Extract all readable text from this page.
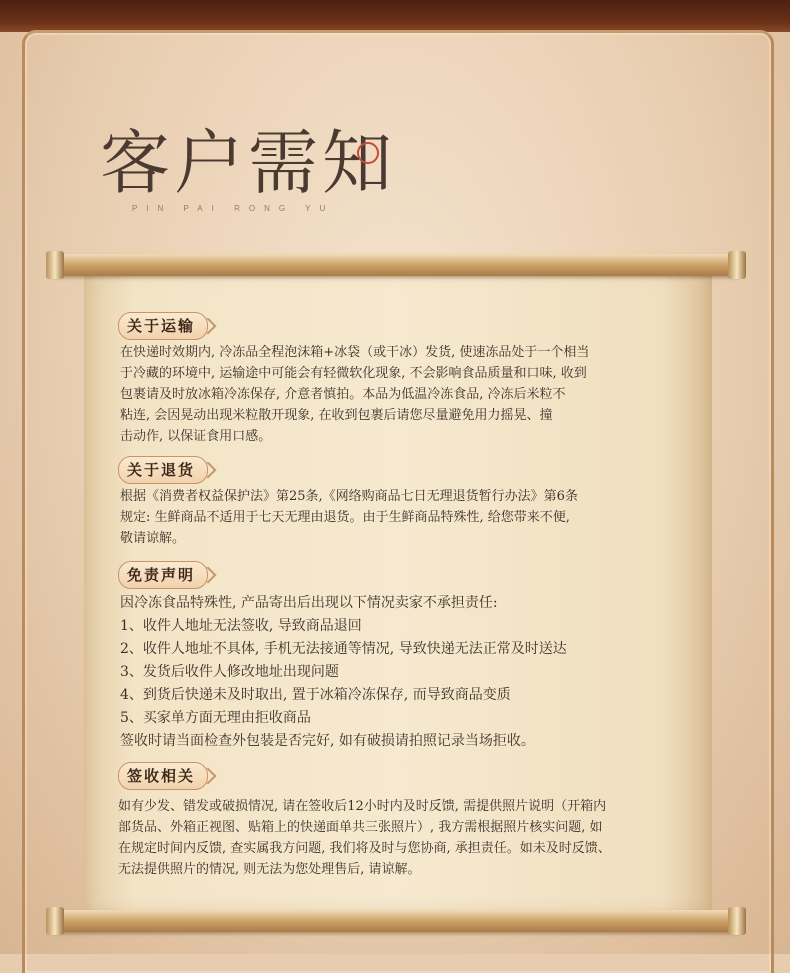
客户需知
PIN PAI RONG YU
关于运输
在快递时效期内, 冷冻品全程泡沫箱+冰袋（或干冰）发货, 使速冻品处于一个相当
于冷藏的环境中, 运输途中可能会有轻微软化现象, 不会影响食品质量和口味, 收到
包裹请及时放冰箱冷冻保存, 介意者慎拍。本品为低温冷冻食品, 冷冻后米粒不
粘连, 会因晃动出现米粒散开现象, 在收到包裹后请您尽量避免用力摇晃、撞
击动作, 以保证食用口感。
关于退货
根据《消费者权益保护法》第25条,《网络购商品七日无理退货暂行办法》第6条
规定: 生鲜商品不适用于七天无理由退货。由于生鲜商品特殊性, 给您带来不便,
敬请谅解。
免责声明
因冷冻食品特殊性, 产品寄出后出现以下情况卖家不承担责任:
1、收件人地址无法签收, 导致商品退回
2、收件人地址不具体, 手机无法接通等情况, 导致快递无法正常及时送达
3、发货后收件人修改地址出现问题
4、到货后快递未及时取出, 置于冰箱冷冻保存, 而导致商品变质
5、买家单方面无理由拒收商品
签收时请当面检查外包装是否完好, 如有破损请拍照记录当场拒收。
签收相关
如有少发、错发或破损情况, 请在签收后12小时内及时反馈, 需提供照片说明（开箱内
部货品、外箱正视图、贴箱上的快递面单共三张照片）, 我方需根据照片核实问题, 如
在规定时间内反馈, 查实属我方问题, 我们将及时与您协商, 承担责任。如未及时反馈、
无法提供照片的情况, 则无法为您处理售后, 请谅解。
